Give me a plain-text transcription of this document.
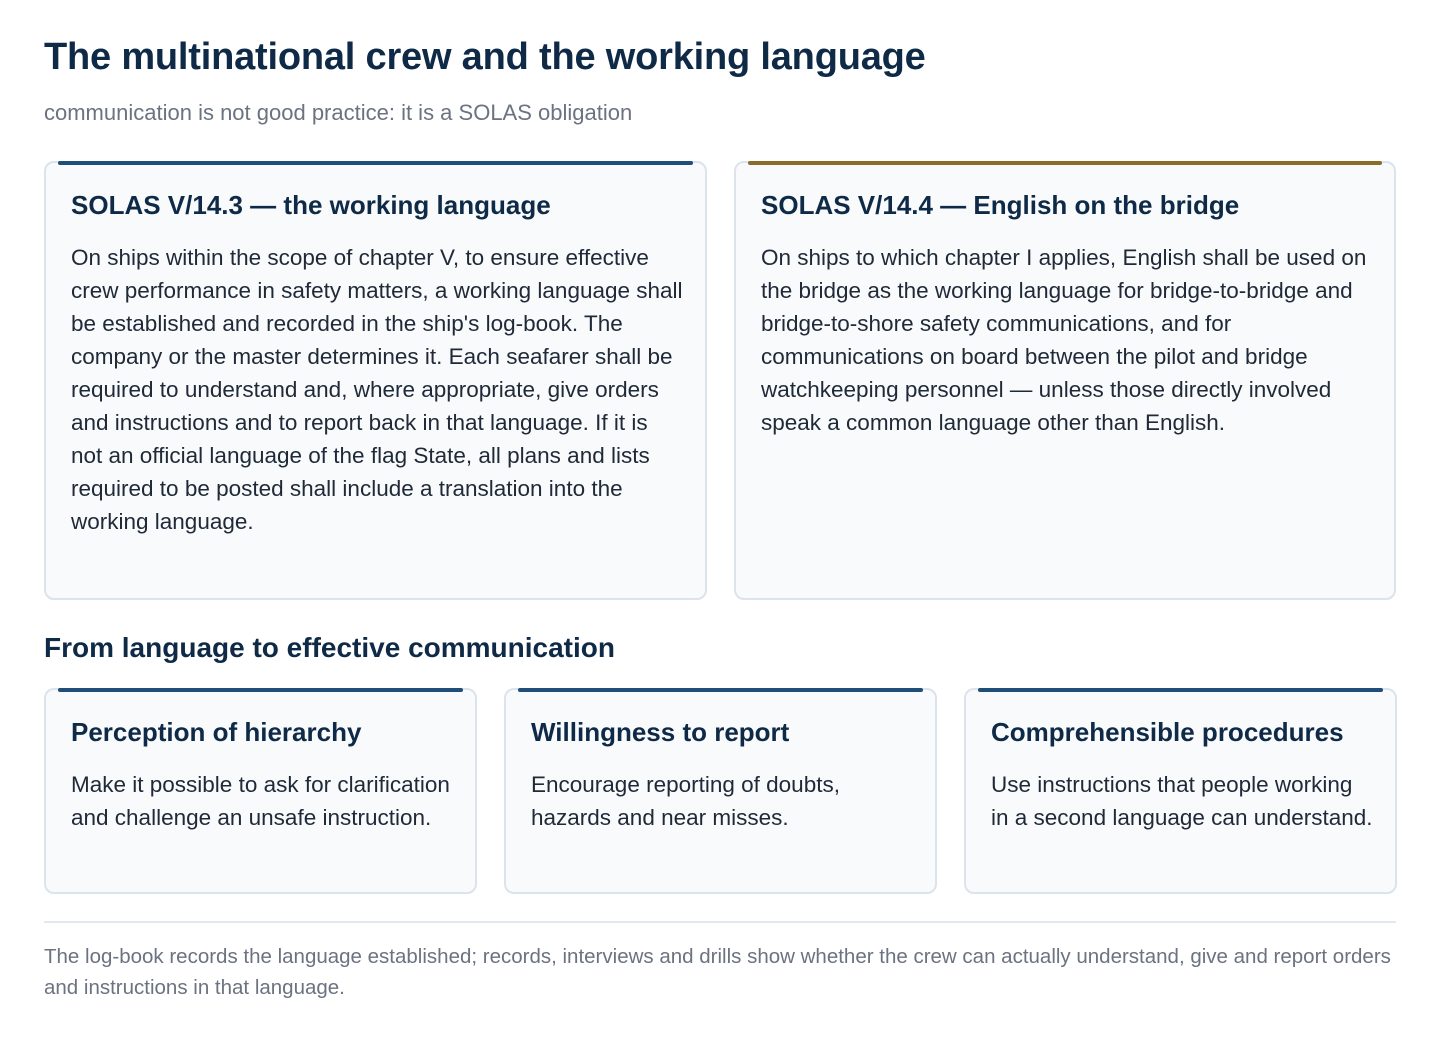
The multinational crew and the working language

communication is not good practice: it is a SOLAS obligation

SOLAS V/14.3 — the working language

On ships within the scope of chapter V, to ensure effective crew performance in safety matters, a working language shall be established and recorded in the ship's log-book. The company or the master determines it. Each seafarer shall be required to understand and, where appropriate, give orders and instructions and to report back in that language. If it is not an official language of the flag State, all plans and lists required to be posted shall include a translation into the working language.

SOLAS V/14.4 — English on the bridge

On ships to which chapter I applies, English shall be used on the bridge as the working language for bridge-to-bridge and bridge-to-shore safety communications, and for communications on board between the pilot and bridge watchkeeping personnel — unless those directly involved speak a common language other than English.

From language to effective communication
Perception of hierarchy

Make it possible to ask for clarification and challenge an unsafe instruction.

Willingness to report

Encourage reporting of doubts, hazards and near misses.

Comprehensible procedures

Use instructions that people working in a second language can understand.

The log-book records the language established; records, interviews and drills show whether the crew can actually understand, give and report orders and instructions in that language.
